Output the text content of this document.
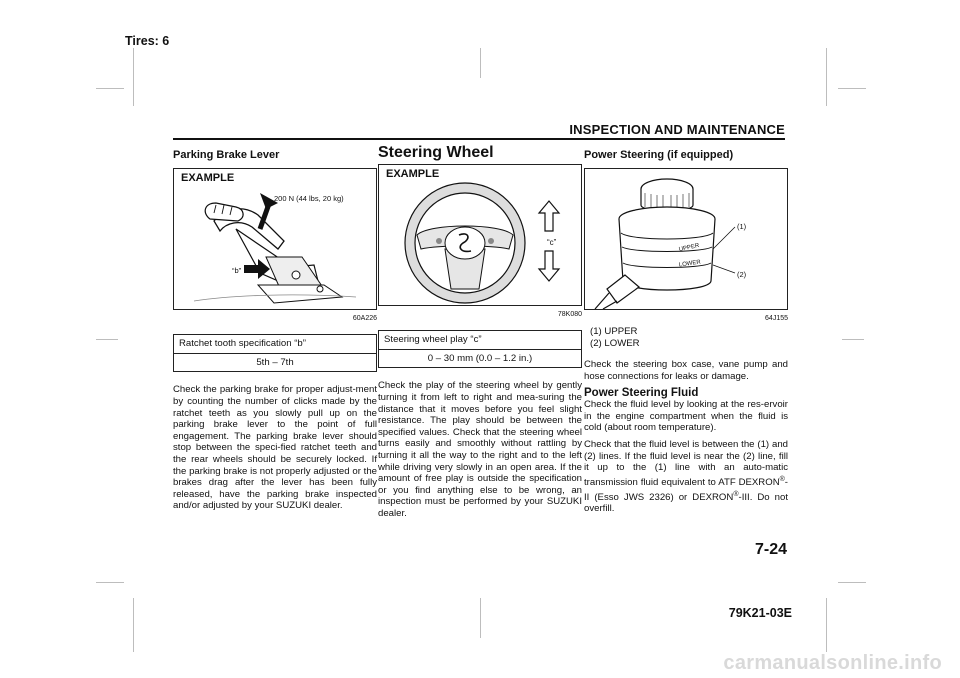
Tires: 6
INSPECTION AND MAINTENANCE
Parking Brake Lever
EXAMPLE
200 N (44 lbs, 20 kg)
“b”
60A226
Ratchet tooth specification “b”
5th – 7th

Check the parking brake for proper adjust-ment by counting the number of clicks made by the ratchet teeth as you slowly pull up on the parking brake lever to the point of full engagement. The parking brake lever should stop between the speci-fied ratchet teeth and the rear wheels should be securely locked. If the parking brake is not properly adjusted or the brakes drag after the lever has been fully released, have the parking brake inspected and/or adjusted by your SUZUKI dealer.

Steering Wheel
EXAMPLE
“c”
78K080
Steering wheel play “c”
0 – 30 mm (0.0 – 1.2 in.)

Check the play of the steering wheel by gently turning it from left to right and mea-suring the distance that it moves before you feel slight resistance. The play should be between the specified values. Check that the steering wheel turns easily and smoothly without rattling by turning it all the way to the right and to the left while driving very slowly in an open area. If the amount of free play is outside the specification or you find anything else to be wrong, an inspection must be performed by your SUZUKI dealer.

Power Steering (if equipped)
UPPER
LOWER
(1)
(2)
64J155
(1) UPPER
(2) LOWER

Check the steering box case, vane pump and hose connections for leaks or damage.

Power Steering Fluid

Check the fluid level by looking at the res-ervoir in the engine compartment when the fluid is cold (about room temperature).

Check that the fluid level is between the (1) and (2) lines. If the fluid level is near the (2) line, fill it up to the (1) line with an auto-matic transmission fluid equivalent to ATF DEXRON®-II (Esso JWS 2326) or DEXRON®-III. Do not overfill.

7-24
79K21-03E
carmanualsonline.info
